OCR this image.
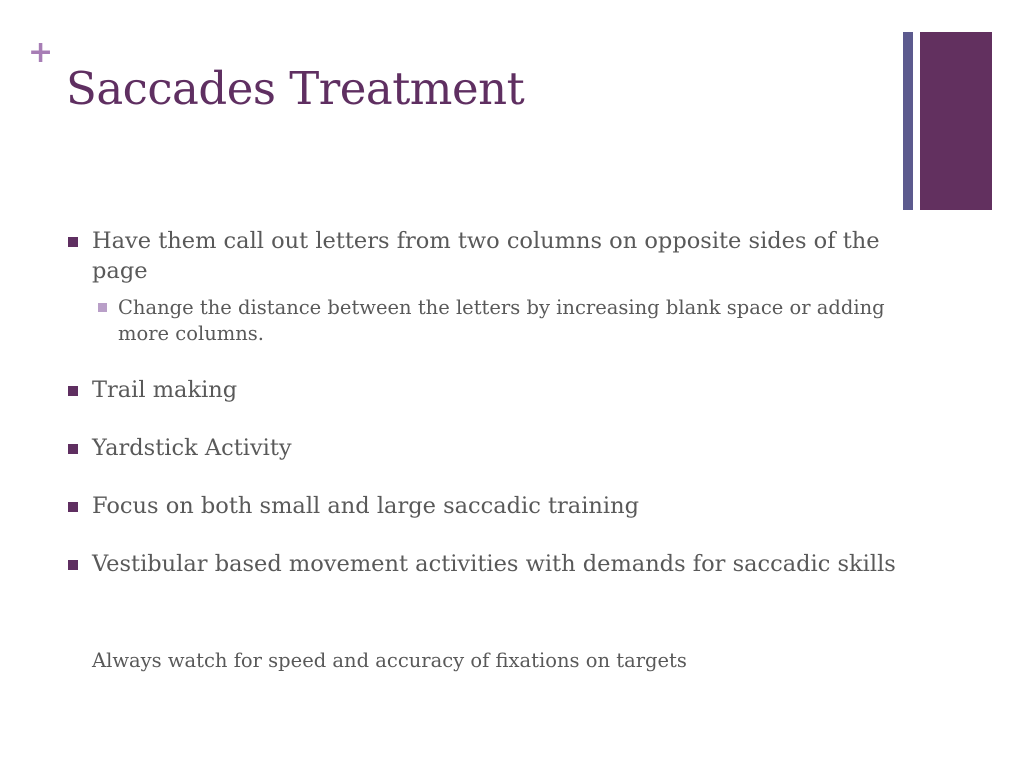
+
Saccades Treatment
Have them call out letters from two columns on opposite sides of the page
Change the distance between the letters by increasing blank space or adding more columns.
Trail making
Yardstick Activity
Focus on both small and large saccadic training
Vestibular based movement activities with demands for saccadic skills
Always watch for speed and accuracy of fixations on targets
